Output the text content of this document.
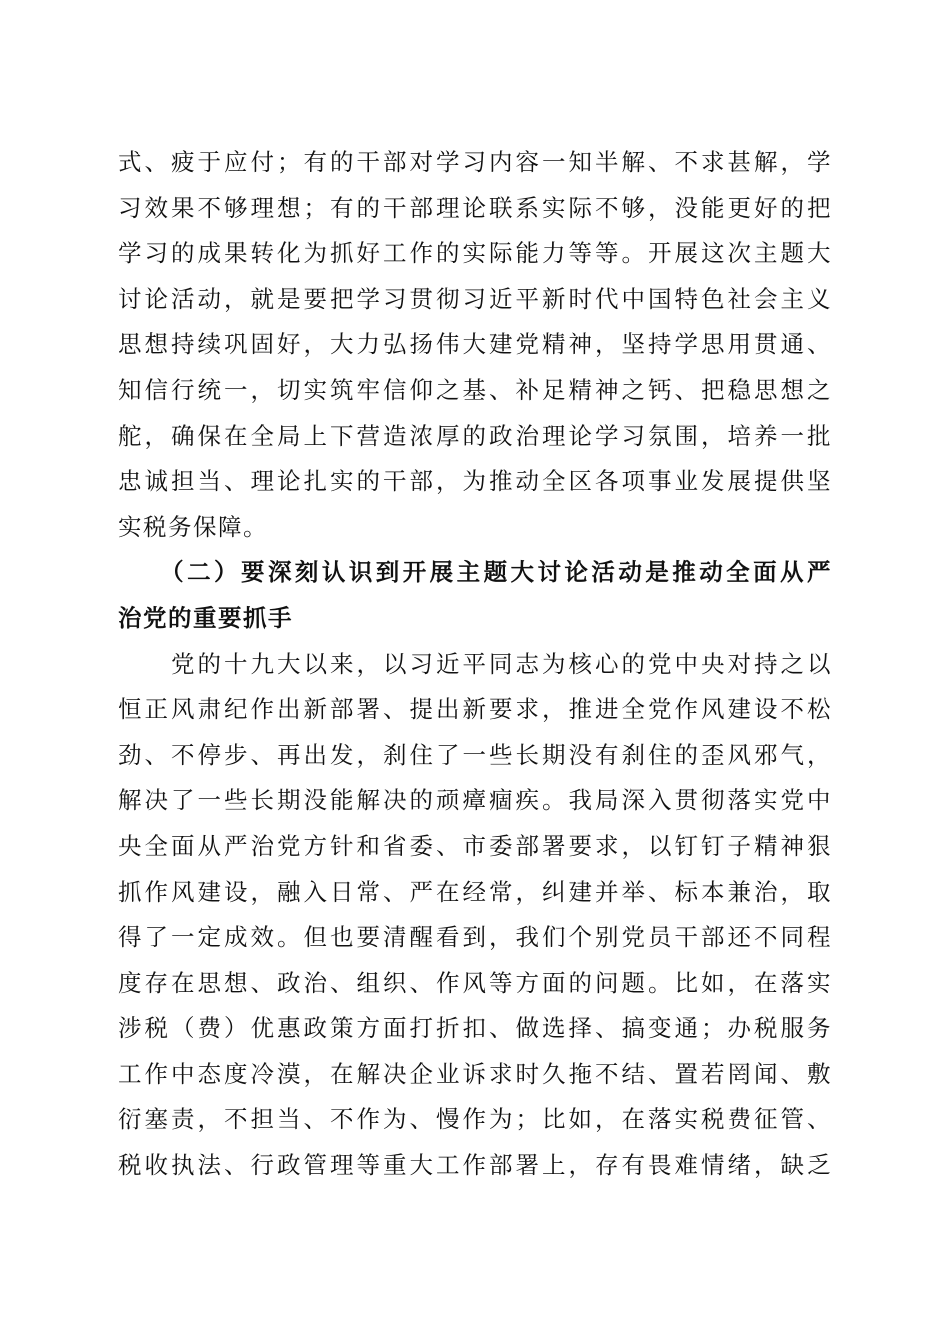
式、疲于应付；有的干部对学习内容一知半解、不求甚解，学
习效果不够理想；有的干部理论联系实际不够，没能更好的把
学习的成果转化为抓好工作的实际能力等等。开展这次主题大
讨论活动，就是要把学习贯彻习近平新时代中国特色社会主义
思想持续巩固好，大力弘扬伟大建党精神，坚持学思用贯通、
知信行统一，切实筑牢信仰之基、补足精神之钙、把稳思想之
舵，确保在全局上下营造浓厚的政治理论学习氛围，培养一批
忠诚担当、理论扎实的干部，为推动全区各项事业发展提供坚
实税务保障。
　　（二）要深刻认识到开展主题大讨论活动是推动全面从严
治党的重要抓手
　　党的十九大以来，以习近平同志为核心的党中央对持之以
恒正风肃纪作出新部署、提出新要求，推进全党作风建设不松
劲、不停步、再出发，刹住了一些长期没有刹住的歪风邪气，
解决了一些长期没能解决的顽瘴痼疾。我局深入贯彻落实党中
央全面从严治党方针和省委、市委部署要求，以钉钉子精神狠
抓作风建设，融入日常、严在经常，纠建并举、标本兼治，取
得了一定成效。但也要清醒看到，我们个别党员干部还不同程
度存在思想、政治、组织、作风等方面的问题。比如，在落实
涉税（费）优惠政策方面打折扣、做选择、搞变通；办税服务
工作中态度冷漠，在解决企业诉求时久拖不结、置若罔闻、敷
衍塞责，不担当、不作为、慢作为；比如，在落实税费征管、
税收执法、行政管理等重大工作部署上，存有畏难情绪，缺乏
